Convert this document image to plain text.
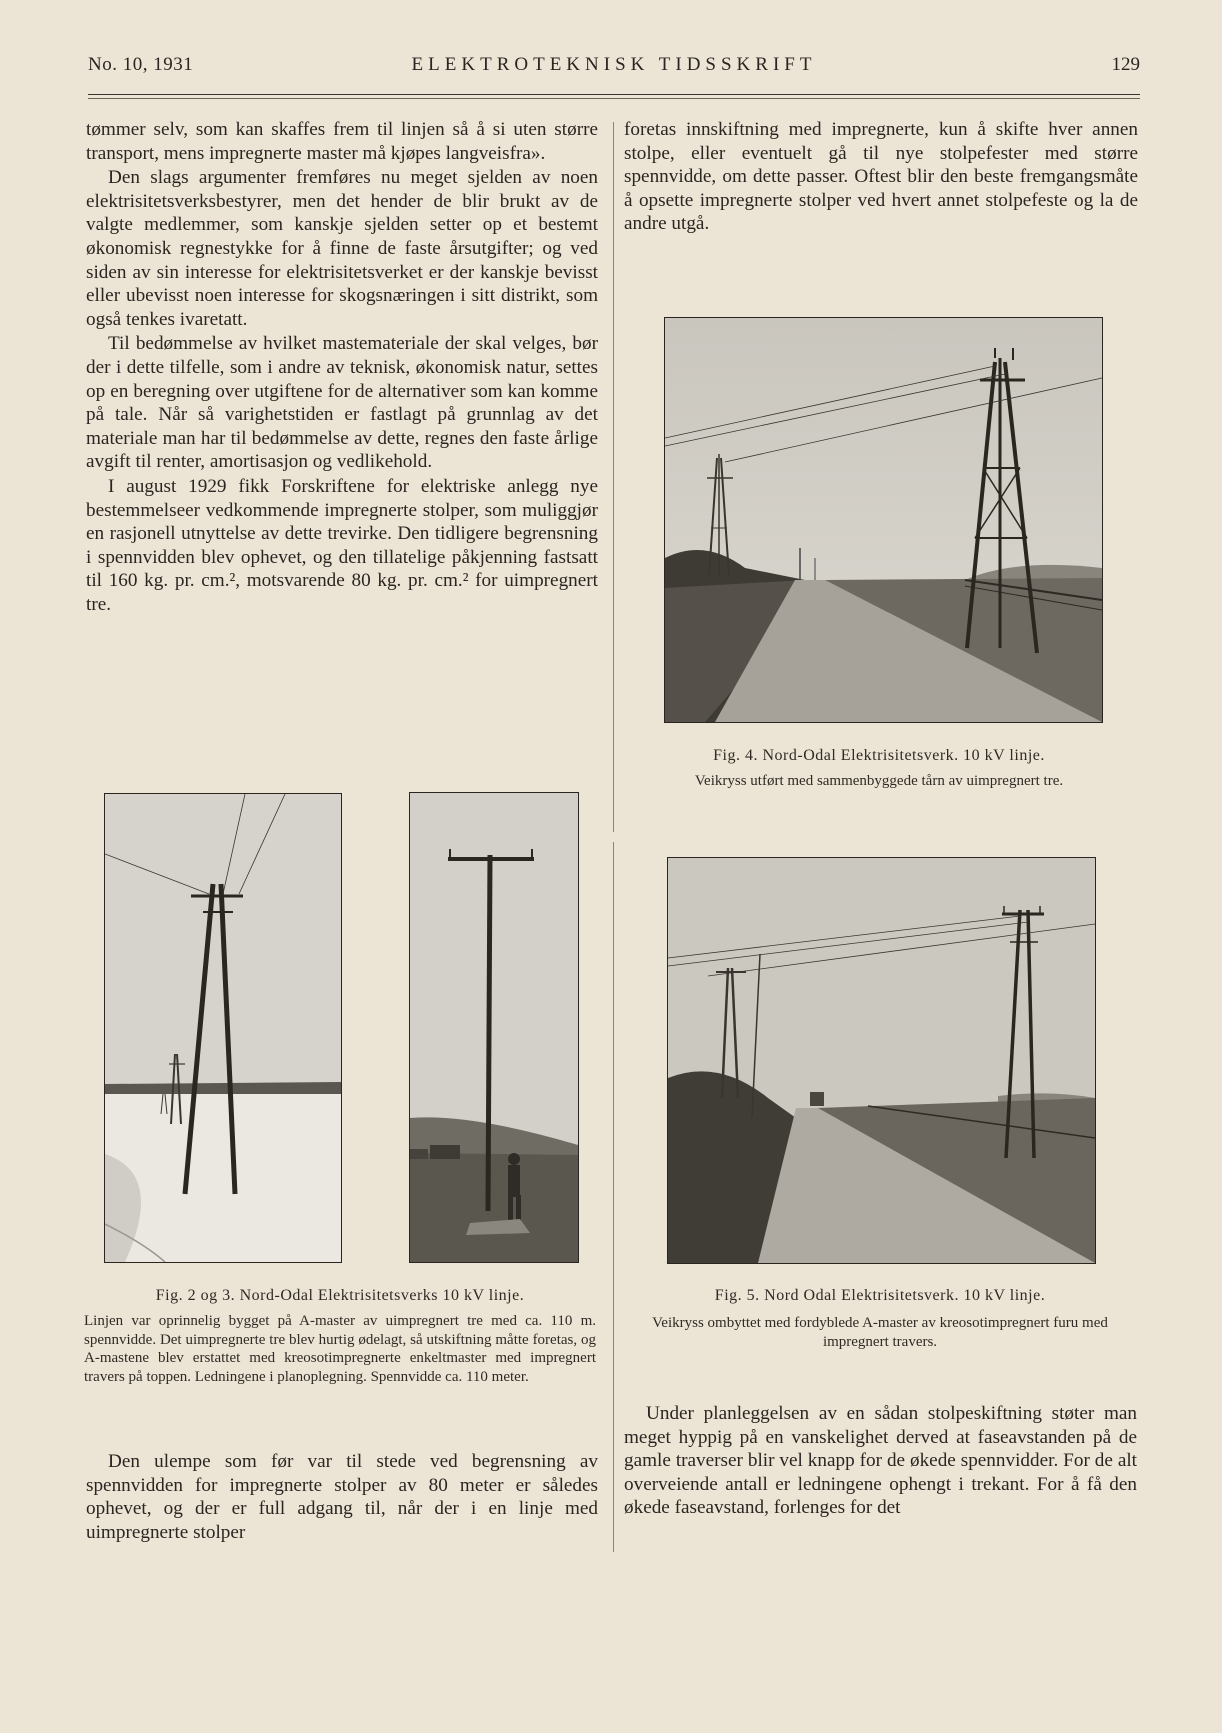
No. 10, 1931	ELEKTROTEKNISK TIDSSKRIFT	129

tømmer selv, som kan skaffes frem til linjen så å si uten større transport, mens impregnerte master må kjøpes langveisfra».

Den slags argumenter fremføres nu meget sjelden av noen elektrisitetsverksbestyrer, men det hender de blir brukt av de valgte medlemmer, som kanskje sjelden setter op et bestemt økonomisk regnestykke for å finne de faste årsutgifter; og ved siden av sin interesse for elektrisitetsverket er der kanskje bevisst eller ubevisst noen interesse for skogsnæringen i sitt distrikt, som også tenkes ivaretatt.

Til bedømmelse av hvilket mastemateriale der skal velges, bør der i dette tilfelle, som i andre av teknisk, økonomisk natur, settes op en beregning over utgiftene for de alternativer som kan komme på tale. Når så varighetstiden er fastlagt på grunnlag av det materiale man har til bedømmelse av dette, regnes den faste årlige avgift til renter, amortisasjon og vedlikehold.

I august 1929 fikk Forskriftene for elektriske anlegg nye bestemmelseer vedkommende impregnerte stolper, som muliggjør en rasjonell utnyttelse av dette trevirke. Den tidligere begrensning i spennvidden blev ophevet, og den tillatelige påkjenning fastsatt til 160 kg. pr. cm.², motsvarende 80 kg. pr. cm.² for uimpregnert tre.

foretas innskiftning med impregnerte, kun å skifte hver annen stolpe, eller eventuelt gå til nye stolpefester med større spennvidde, om dette passer. Oftest blir den beste fremgangsmåte å opsette impregnerte stolper ved hvert annet stolpefeste og la de andre utgå.

Fig. 4. Nord-Odal Elektrisitetsverk. 10 kV linje.
Veikryss utført med sammenbyggede tårn av uimpregnert tre.
Fig. 2 og 3. Nord-Odal Elektrisitetsverks 10 kV linje.
Linjen var oprinnelig bygget på A-master av uimpregnert tre med ca. 110 m. spennvidde. Det uimpregnerte tre blev hurtig ødelagt, så utskiftning måtte foretas, og A-mastene blev erstattet med kreosotimpregnerte enkeltmaster med impregnert travers på toppen. Ledningene i planoplegning. Spennvidde ca. 110 meter.
Fig. 5. Nord Odal Elektrisitetsverk. 10 kV linje.
Veikryss ombyttet med fordyblede A-master av kreosotimpregnert furu med impregnert travers.

Den ulempe som før var til stede ved begrensning av spennvidden for impregnerte stolper av 80 meter er således ophevet, og der er full adgang til, når der i en linje med uimpregnerte stolper

Under planleggelsen av en sådan stolpeskiftning støter man meget hyppig på en vanskelighet derved at faseavstanden på de gamle traverser blir vel knapp for de økede spennvidder. For de alt overveiende antall er ledningene ophengt i trekant. For å få den økede faseavstand, forlenges for det
